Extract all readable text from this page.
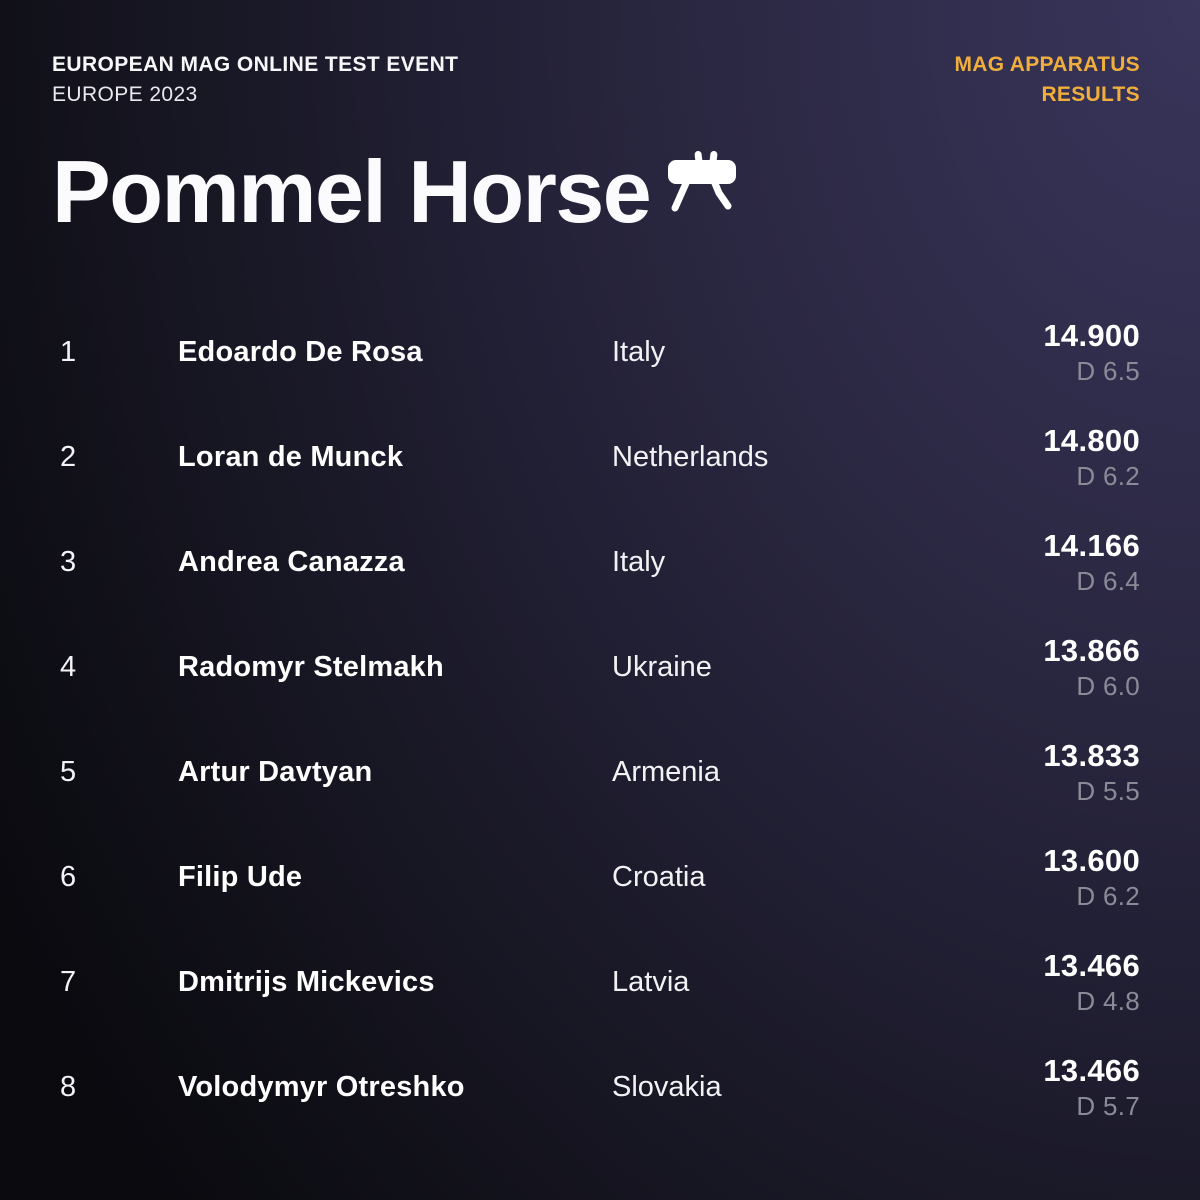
EUROPEAN MAG ONLINE TEST EVENT
EUROPE 2023
MAG APPARATUS
RESULTS
Pommel Horse
1	Edoardo De Rosa	Italy	14.900
D 6.5
2	Loran de Munck	Netherlands	14.800
D 6.2
3	Andrea Canazza	Italy	14.166
D 6.4
4	Radomyr Stelmakh	Ukraine	13.866
D 6.0
5	Artur Davtyan	Armenia	13.833
D 5.5
6	Filip Ude	Croatia	13.600
D 6.2
7	Dmitrijs Mickevics	Latvia	13.466
D 4.8
8	Volodymyr Otreshko	Slovakia	13.466
D 5.7
